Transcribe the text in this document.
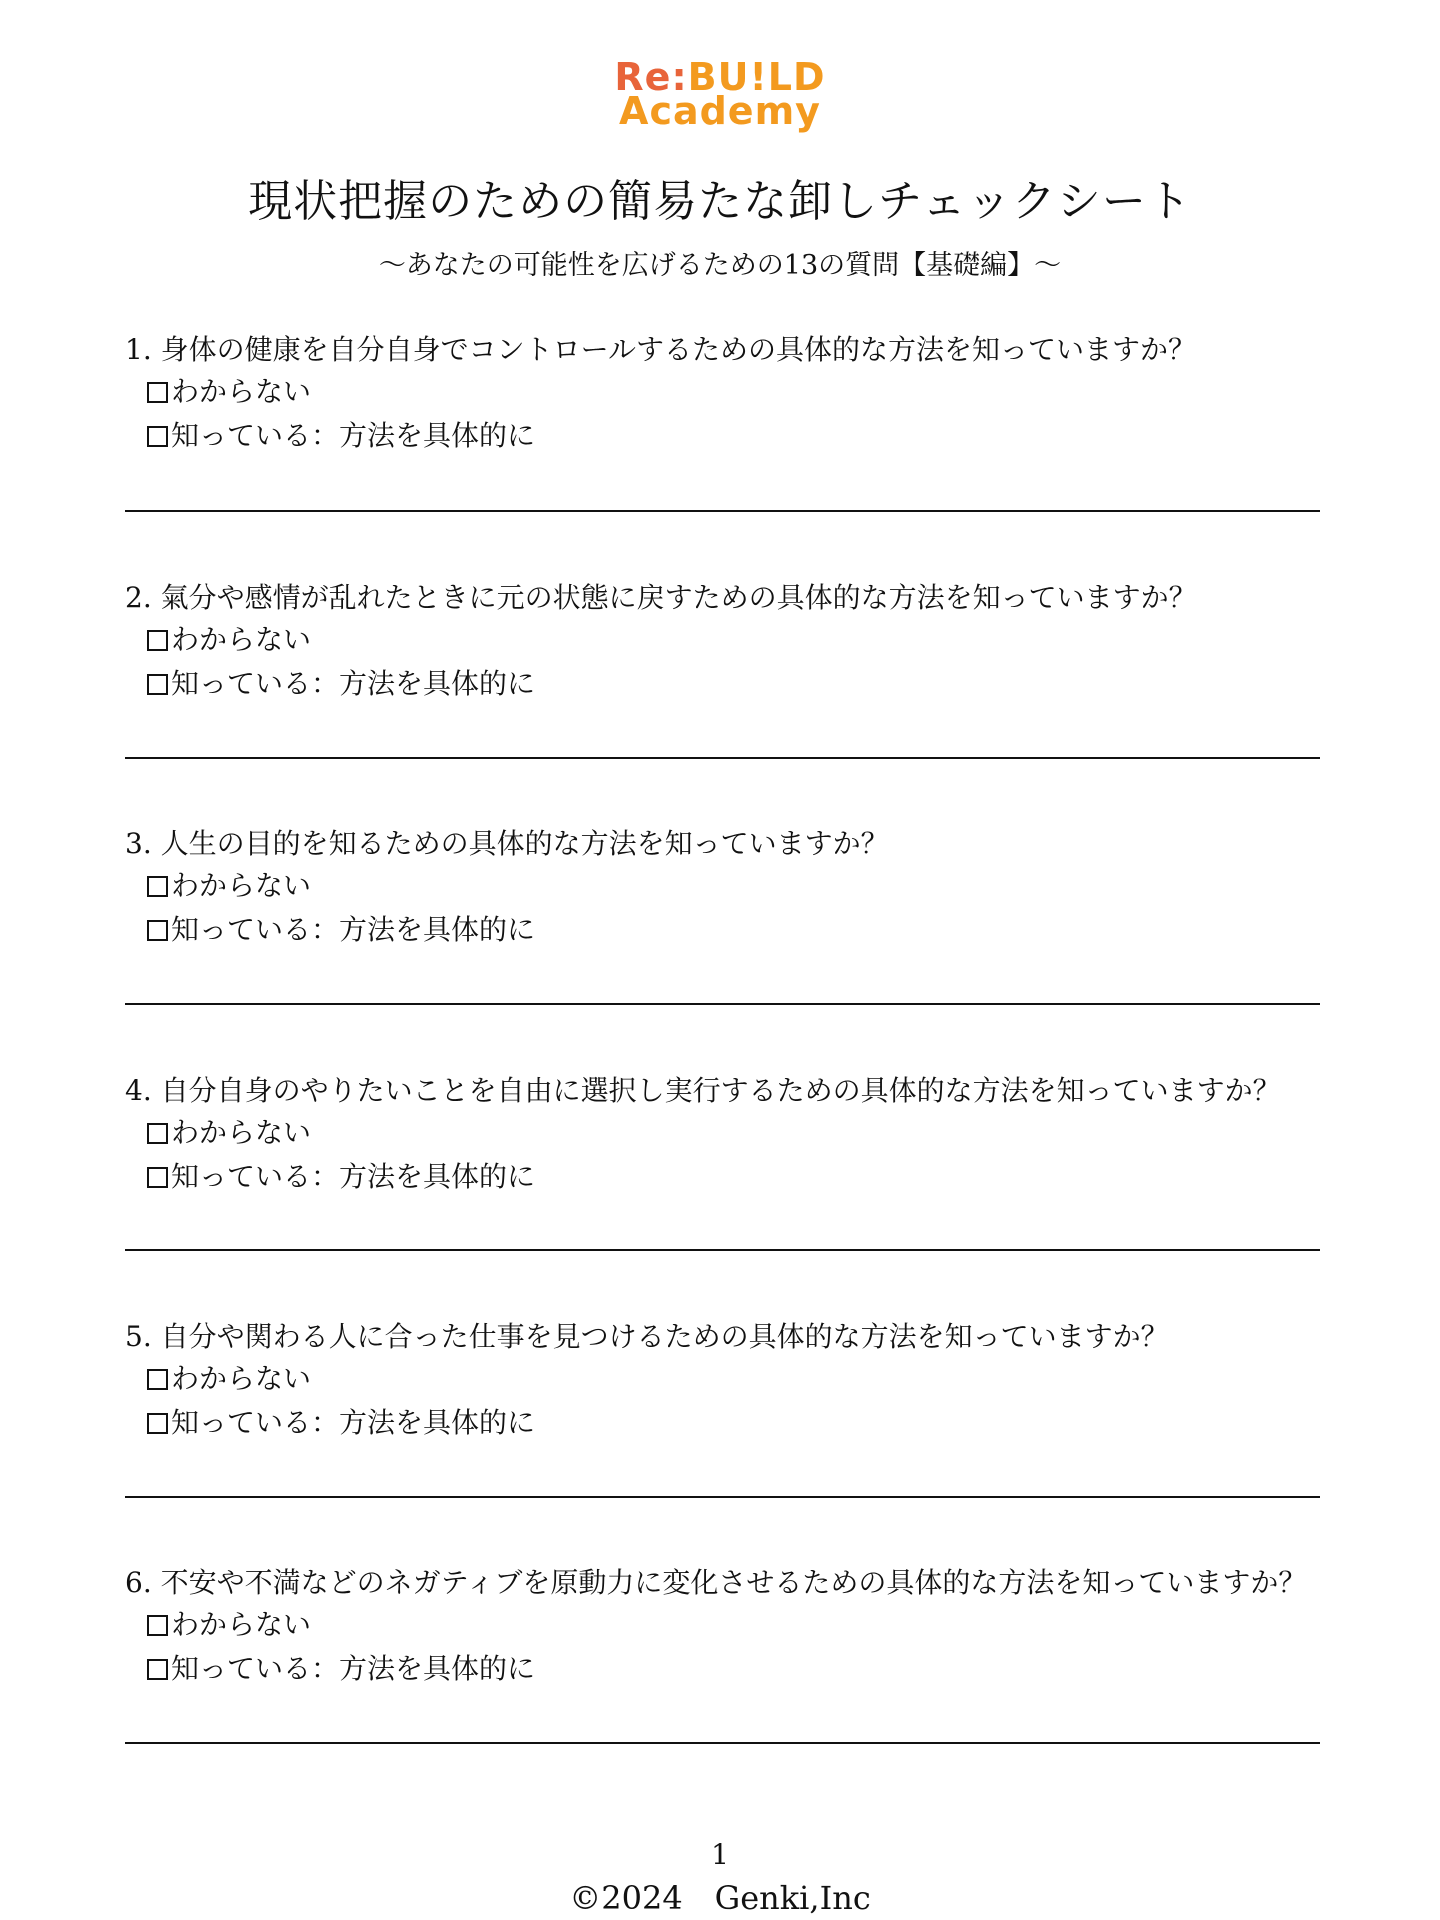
Re:BU!LD
Academy
現状把握のための簡易たな卸しチェックシート
～あなたの可能性を広げるための13の質問【基礎編】～
1. 身体の健康を自分自身でコントロールするための具体的な方法を知っていますか？
わからない
知っている：方法を具体的に
2. 氣分や感情が乱れたときに元の状態に戻すための具体的な方法を知っていますか？
わからない
知っている：方法を具体的に
3. 人生の目的を知るための具体的な方法を知っていますか？
わからない
知っている：方法を具体的に
4. 自分自身のやりたいことを自由に選択し実行するための具体的な方法を知っていますか？
わからない
知っている：方法を具体的に
5. 自分や関わる人に合った仕事を見つけるための具体的な方法を知っていますか？
わからない
知っている：方法を具体的に
6. 不安や不満などのネガティブを原動力に変化させるための具体的な方法を知っていますか？
わからない
知っている：方法を具体的に
1
©2024　Genki,Inc
